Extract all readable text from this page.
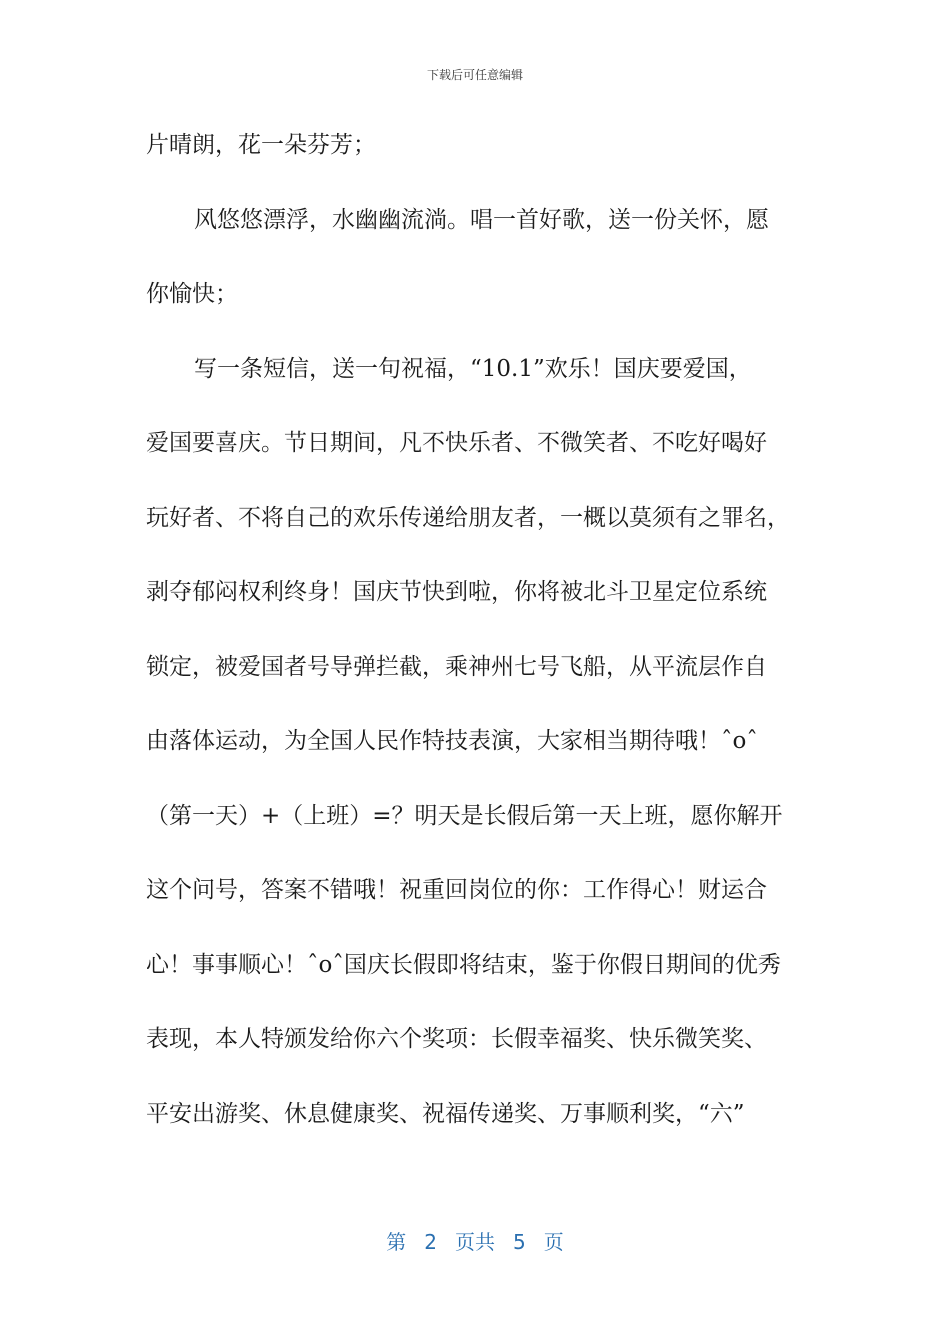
下载后可任意编辑
片晴朗，花一朵芬芳；
风悠悠漂浮，水幽幽流淌。唱一首好歌，送一份关怀，愿
你愉快；
写一条短信，送一句祝福，“10.1”欢乐！国庆要爱国，
爱国要喜庆。节日期间，凡不快乐者、不微笑者、不吃好喝好
玩好者、不将自己的欢乐传递给朋友者，一概以莫须有之罪名，
剥夺郁闷权利终身！国庆节快到啦，你将被北斗卫星定位系统
锁定，被爱国者号导弹拦截，乘神州七号飞船，从平流层作自
由落体运动，为全国人民作特技表演，大家相当期待哦！ˆoˆ
（第一天）+（上班）=？明天是长假后第一天上班，愿你解开
这个问号，答案不错哦！祝重回岗位的你：工作得心！财运合
心！事事顺心！ˆoˆ国庆长假即将结束，鉴于你假日期间的优秀
表现，本人特颁发给你六个奖项：长假幸福奖、快乐微笑奖、
平安出游奖、休息健康奖、祝福传递奖、万事顺利奖，“六”
第 2 页共 5 页
